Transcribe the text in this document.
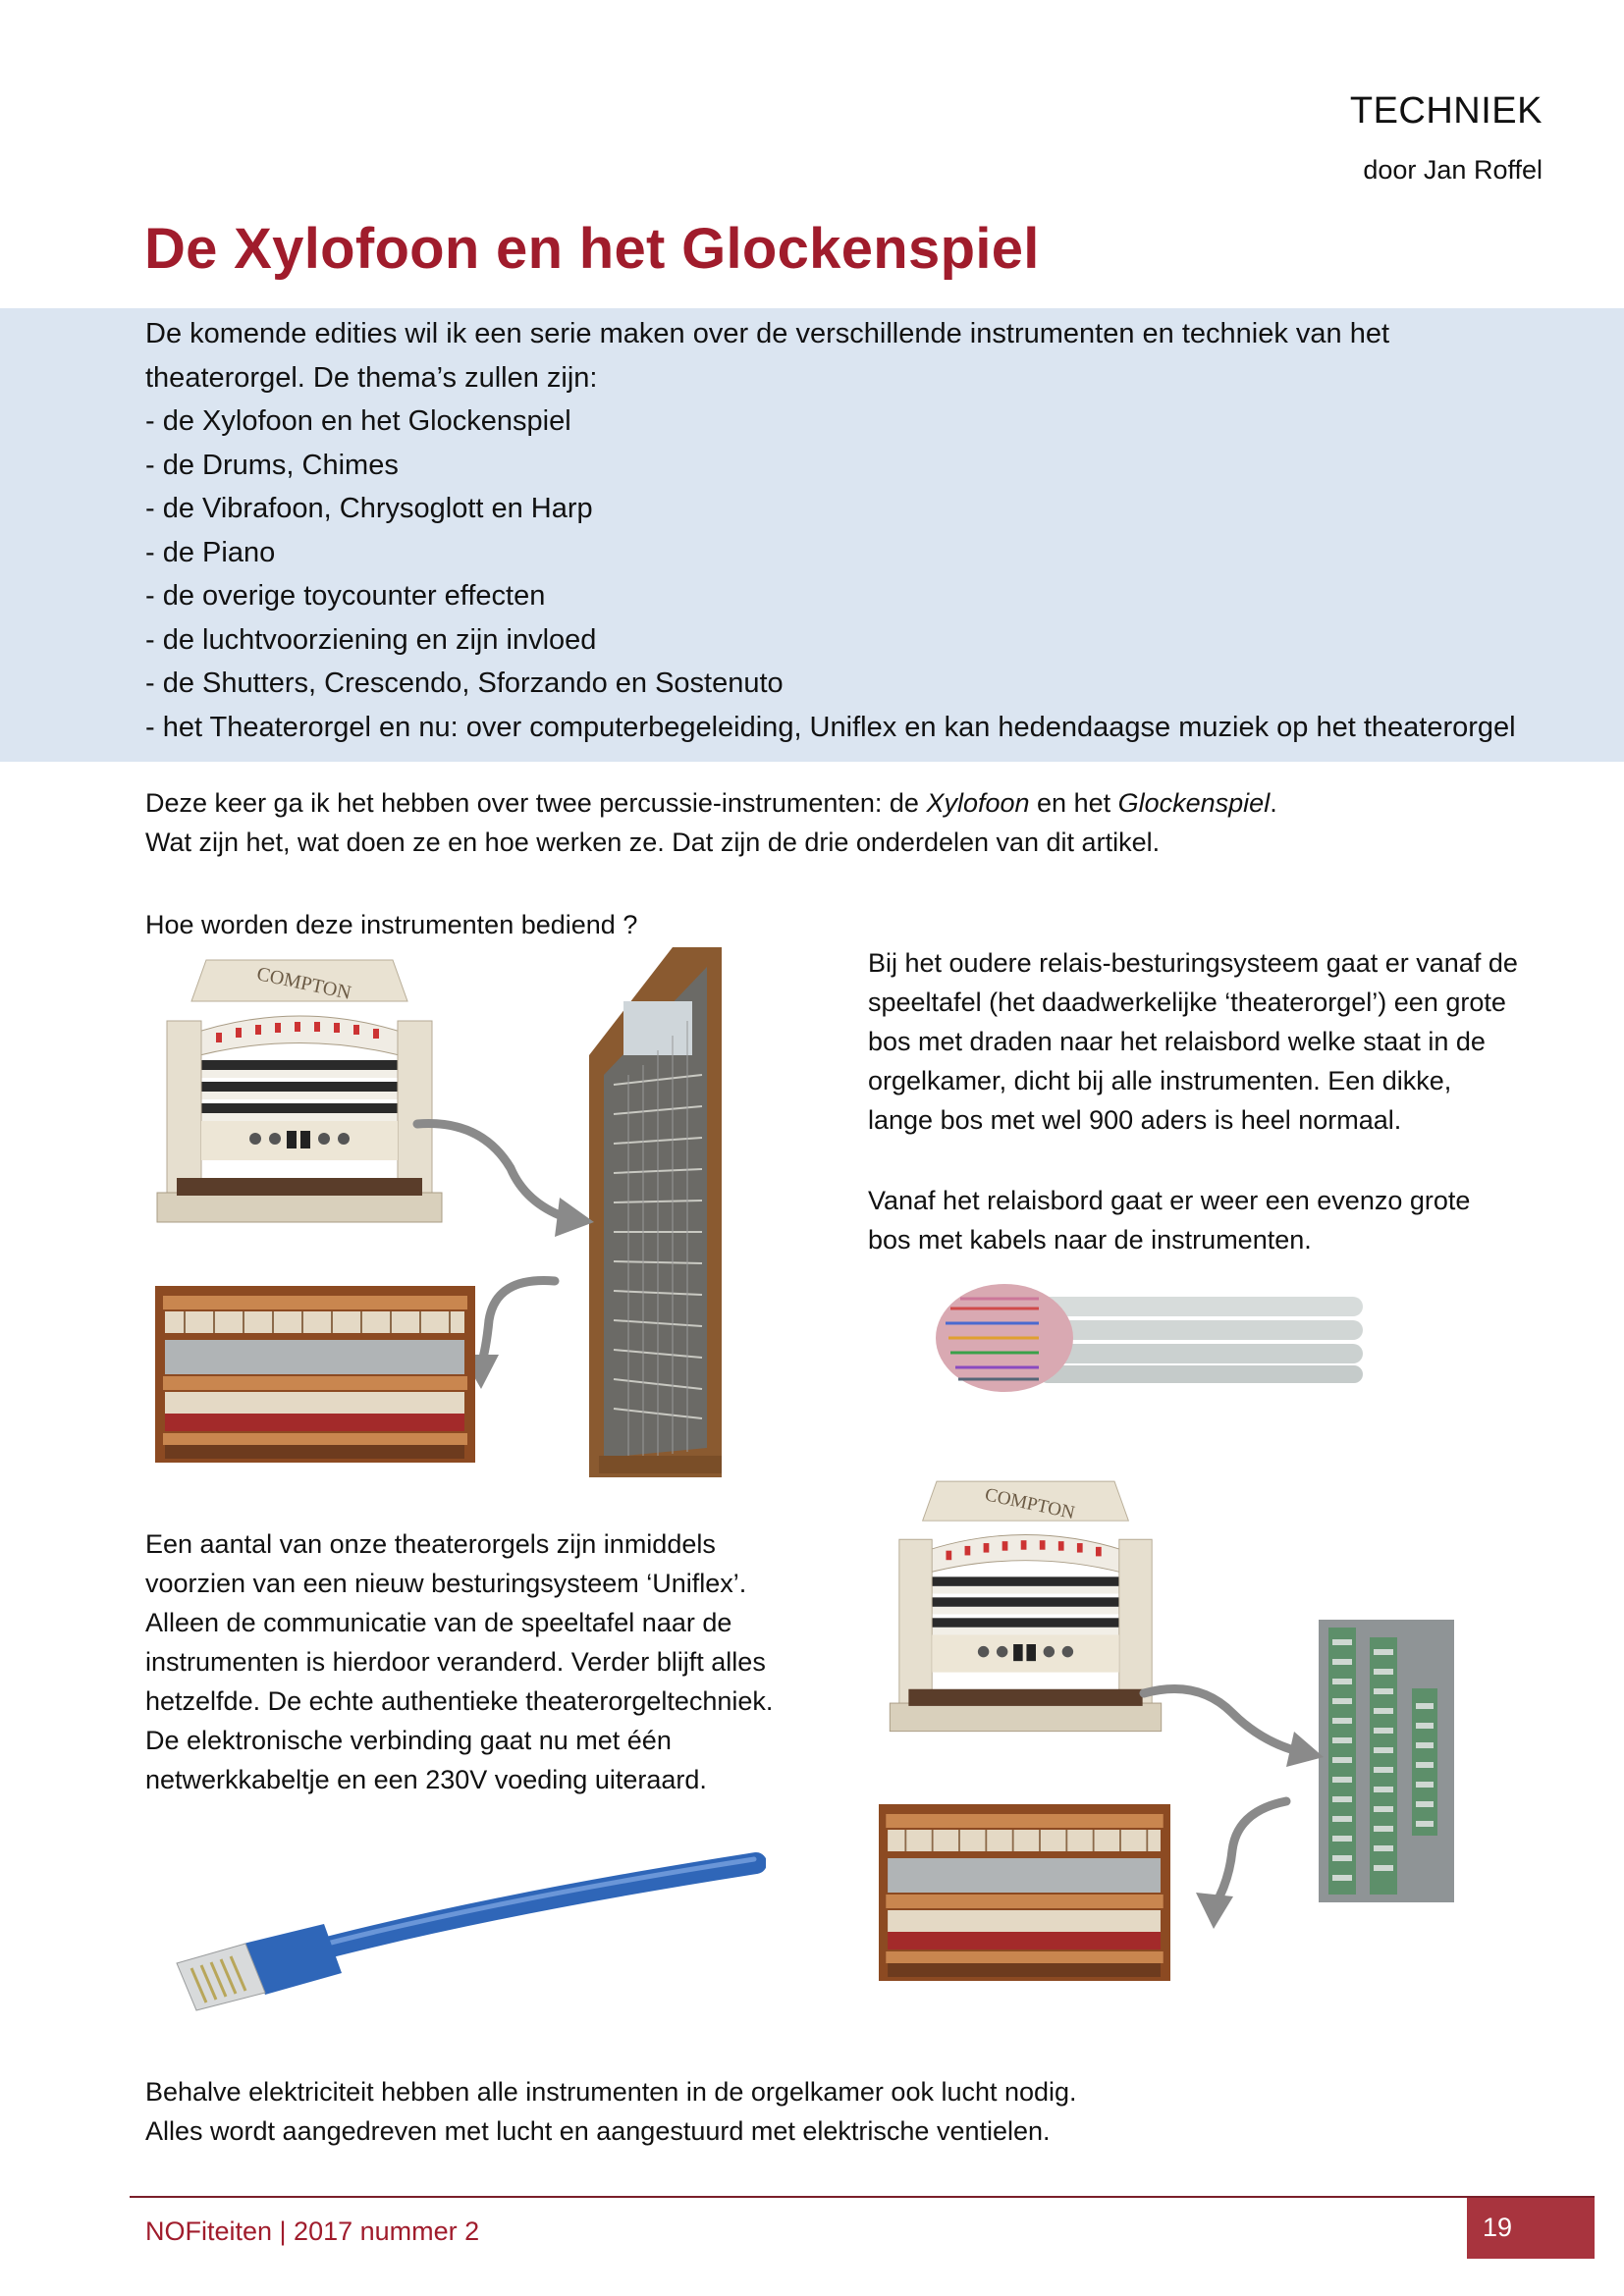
TECHNIEK
door Jan Roffel
De Xylofoon en het Glockenspiel
De komende edities wil ik een serie maken over de verschillende instrumenten en techniek van het
theaterorgel. De thema’s zullen zijn:
- de Xylofoon en het Glockenspiel
- de Drums, Chimes
- de Vibrafoon, Chrysoglott en Harp
- de Piano
- de overige toycounter effecten
- de luchtvoorziening en zijn invloed
- de Shutters, Crescendo, Sforzando en Sostenuto
- het Theaterorgel en nu: over computerbegeleiding, Uniflex en kan hedendaagse muziek op het theaterorgel
Deze keer ga ik het hebben over twee percussie-instrumenten: de Xylofoon en het Glockenspiel.
Wat zijn het, wat doen ze en hoe werken ze. Dat zijn de drie onderdelen van dit artikel.
Hoe worden deze instrumenten bediend ?
Bij het oudere relais-besturingsysteem gaat er vanaf de
speeltafel (het daadwerkelijke ‘theaterorgel’) een grote
bos met draden naar het relaisbord welke staat in de
orgelkamer, dicht bij alle instrumenten. Een dikke,
lange bos met wel 900 aders is heel normaal.
Vanaf het relaisbord gaat er weer een evenzo grote
bos met kabels naar de instrumenten.
COMPTON
COMPTON
Een aantal van onze theaterorgels zijn inmiddels
voorzien van een nieuw besturingsysteem ‘Uniflex’.
Alleen de communicatie van de speeltafel naar de
instrumenten is hierdoor veranderd. Verder blijft alles
hetzelfde. De echte authentieke theaterorgeltechniek.
De elektronische verbinding gaat nu met één
netwerkkabeltje en een 230V voeding uiteraard.
Behalve elektriciteit hebben alle instrumenten in de orgelkamer ook lucht nodig.
Alles wordt aangedreven met lucht en aangestuurd met elektrische ventielen.
NOFiteiten | 2017 nummer 2	19
